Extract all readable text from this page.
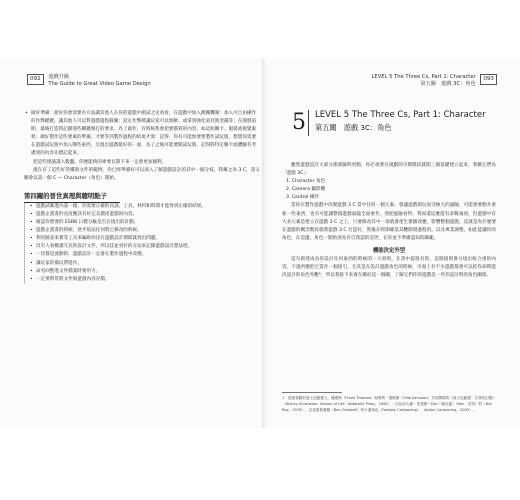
092 遊戲升級
The Guide to Great Video Game Design
• 做好準備：最好你會需要有方法讓其他人在你的遊戲中測試之史看看，在遊戲中加入跳關機制：加入可自由操作的作弊鍵鍵，讓其他人可以對遊戲過程截圖；設定作弊碼讓玩家可以無敵、或拿到強化道具與金錢等；在開發前期，最後打造時記錄那些關鍵循打的要求，為了創作，有時候我會把要描寫的內容，如這如關卡、服裝或視覺素材、做好製作這些要素的準備，才要等到製作過程的結尾才發：記得，你有可能無要要製作試玩版，想想你需要在遊戲試玩版中加入哪些東西，呈現出遊戲最好的一面，為了之後可能要開試玩版，記得將特定關卡或體驗有考慮到的內容先標記起來。

把這些建議謹入穀蠢，你便能夠的專要長期下來一定會更加順利。

現在有了這些好管樓與文件的範例，你已經準備好可以深入了解遊戲設計的其中一個分枝，我稱之為 3 C，第五關會以第一個 C — Character（角色）開始。

第四關的晉世真理與聰明點子

• 遊戲試確進內還一樣，你需要正確的良談、工具、材料和時間才能得到正確的結果。
• 遊戲企畫書的長度應該有好完美描述遊戲的內容。
• 確認你想要的 ESRB 日標分級是否在規出的計劃。
• 遊戲企畫書的時候，逐步依法任何將它修改的時候。
• 利用跡表來實等工具來編助你迅在遊戲設計期間就找出問題。
• 沒有人看敷讀冗長的設計文件，所以技並更好的方法來記錄遊戲設計想法吧。
• 一切都是流動的，遊戲設計一定會在製作過程中改變。
• 讓玩家的備玩帶進作。
• 命名回整進文件檔案時要用力。
• 一定要時常將文件與遊戲內容存檔。
LEVEL 5 The Three Cs, Part 1: Character
第五關　遊戲 3C：角色 093
5 LEVEL 5 The Three Cs, Part 1: Character
第五關　遊戲 3C：角色

雖然遊戲設計大部分都會隨時更動，你必須要在規劃的早期階段就開三個基礎建立起來，我稱它們為「遊戲 3C」：

1. Character 角色
2. Camera 攝影機
3. Control 操作

當你在製作遊戲中改變遊戲 3 C 當中任何一個元素，會讓遊戲與玩家受極大的風險，可能會要動升重新一些東西，也有可能讓整個遊戲面臨全面重作，別把風險看得，我如還這麼能有多數兩項，但遊戲中有大多元素是建立在遊戲 3 C 之上，只要修改其中一項就會產生連鎖效應，影響整個遊戲，這就是為什麼要在遊戲的概念階段就將遊戲 3 C 打造好，然後在時期確基其鞭開發過程的。以及專業調整，如此能讓你的角色，在這邊，角色一開始須先有自我認的美世，在你並不準備認知的關範。

機能決定外型

這句與建成為你設計任何東西的時候的一大原則，在書中提很有的，這個規則會分規出較合重的內容，不過所應把它當作一個指引，尤其是在設計遊戲角色的時候，市面上有不少遊戲都會可以把你却時能決設計的角色外觀*，所以我接下來會在關於這一個關，了解它們你的遊戲是一些你設計時的角色關係。

1　您最喜歡的迪士尼動畫人、邁斯斯（Frank Thomas）與奧利・強斯頓（Ollie Johnston）共同撰寫的《迪士尼動畫：生命的幻覺》（Disney Animation: Illusion of Life · Abbeville Press，1981），以及前大衛・伯達頓（Dwi · 傑克遜）（Ben · 貞男）的（Del Rey，1976），以及經典書籍（Ben Caldwell）的卡通角色（Fantasy Cartooning）、Action Cartooning，2005）。
